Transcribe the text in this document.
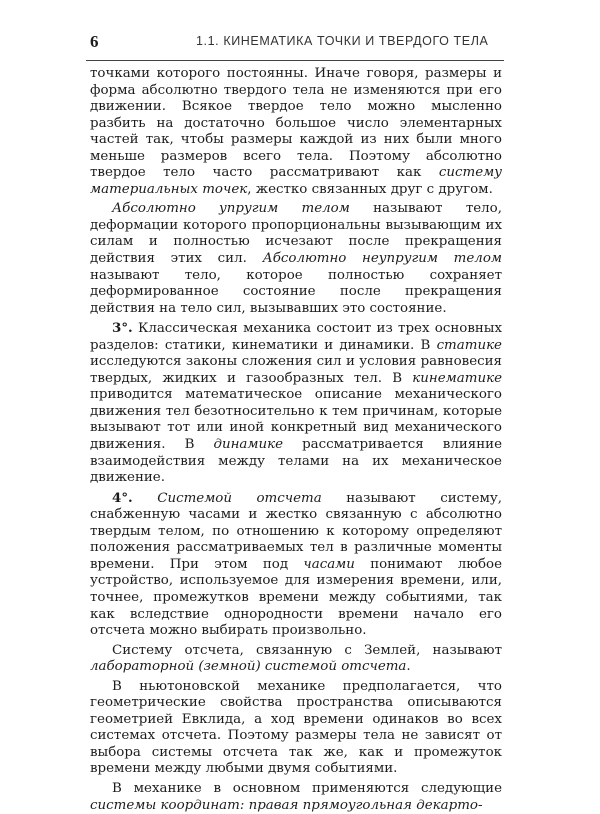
6	1.1. КИНЕМАТИКА ТОЧКИ И ТВЕРДОГО ТЕЛА

точками которого постоянны. Иначе говоря, размеры и форма абсолютно твердого тела не изменяются при его движении. Всякое твердое тело можно мысленно разбить на достаточно большое число элементарных частей так, чтобы размеры каждой из них были много меньше размеров всего тела. Поэтому абсолютно твердое тело часто рассматривают как систему материальных точек, жестко связанных друг с другом.

Абсолютно упругим телом называют тело, деформации которого пропорциональны вызывающим их силам и полностью исчезают после прекращения действия этих сил. Абсолютно неупругим телом называют тело, которое полностью сохраняет деформированное состояние после прекращения действия на тело сил, вызывавших это состояние.

3°. Классическая механика состоит из трех основных разделов: статики, кинематики и динамики. В статике исследуются законы сложения сил и условия равновесия твердых, жидких и газообразных тел. В кинематике приводится математическое описание механического движения тел безотносительно к тем причинам, которые вызывают тот или иной конкретный вид механического движения. В динамике рассматривается влияние взаимодействия между телами на их механическое движение.

4°. Системой отсчета называют систему, снабженную часами и жестко связанную с абсолютно твердым телом, по отношению к которому определяют положения рассматриваемых тел в различные моменты времени. При этом под часами понимают любое устройство, используемое для измерения времени, или, точнее, промежутков времени между событиями, так как вследствие однородности времени начало его отсчета можно выбирать произвольно.

Систему отсчета, связанную с Землей, называют лабораторной (земной) системой отсчета.

В ньютоновской механике предполагается, что геометрические свойства пространства описываются геометрией Евклида, а ход времени одинаков во всех системах отсчета. Поэтому размеры тела не зависят от выбора системы отсчета так же, как и промежуток времени между любыми двумя событиями.

В механике в основном применяются следующие системы координат: правая прямоугольная декарто-
